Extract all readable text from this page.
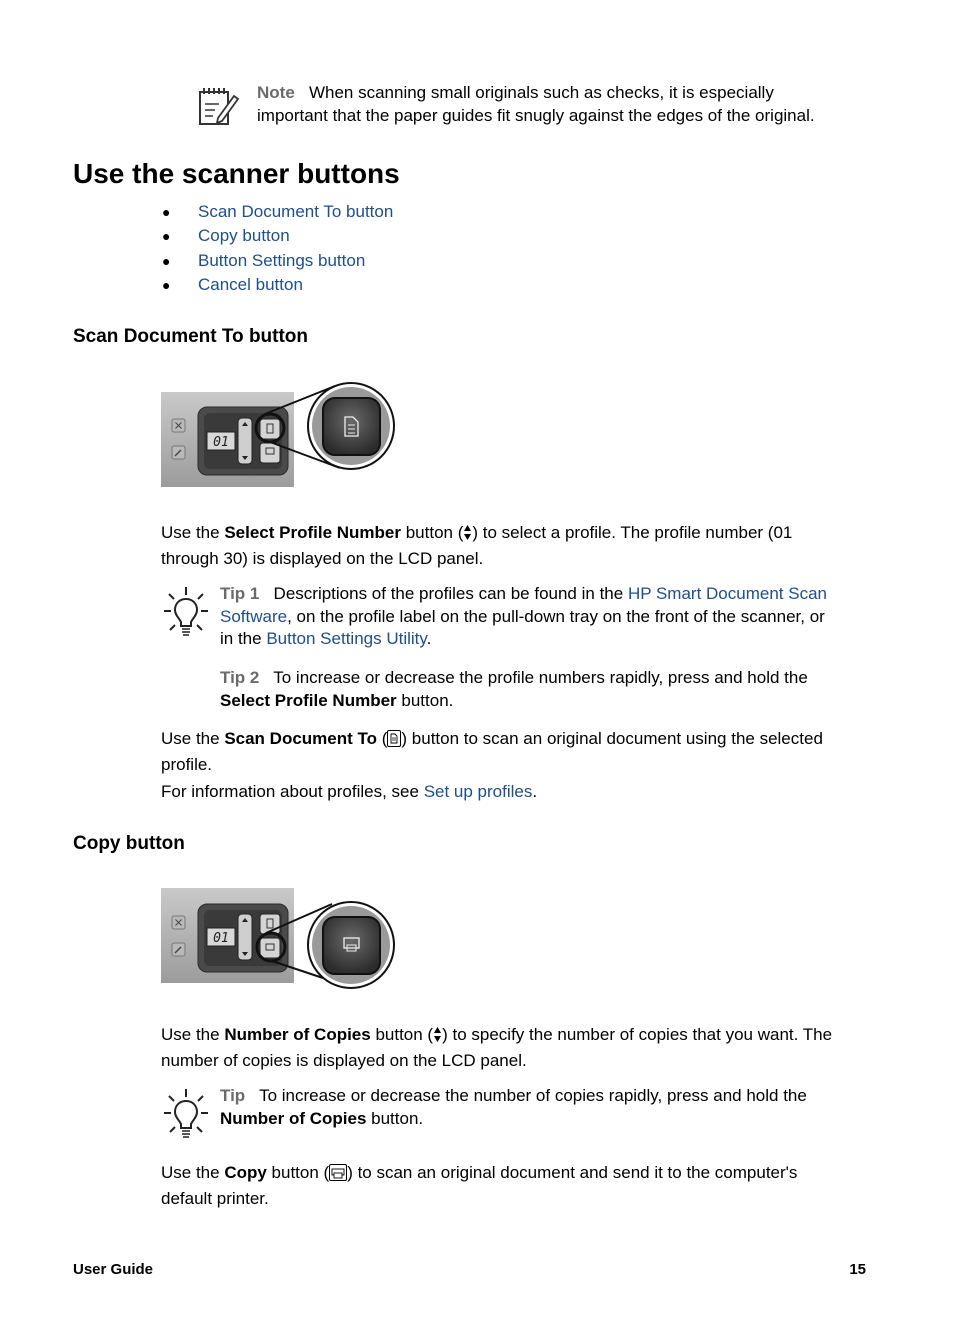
Note When scanning small originals such as checks, it is especially
important that the paper guides fit snugly against the edges of the original.
Use the scanner buttons
● Scan Document To button
● Copy button
● Button Settings button
● Cancel button
Scan Document To button
01
Use the Select Profile Number button ( ) to select a profile. The profile number (01
through 30) is displayed on the LCD panel.
Tip 1 Descriptions of the profiles can be found in the HP Smart Document Scan
Software, on the profile label on the pull-down tray on the front of the scanner, or
in the Button Settings Utility.
Tip 2 To increase or decrease the profile numbers rapidly, press and hold the
Select Profile Number button.
Use the Scan Document To ( ) button to scan an original document using the selected
profile.
For information about profiles, see Set up profiles.
Copy button
01
Use the Number of Copies button ( ) to specify the number of copies that you want. The
number of copies is displayed on the LCD panel.
Tip To increase or decrease the number of copies rapidly, press and hold the
Number of Copies button.
Use the Copy button ( ) to scan an original document and send it to the computer's
default printer.
User Guide	15
